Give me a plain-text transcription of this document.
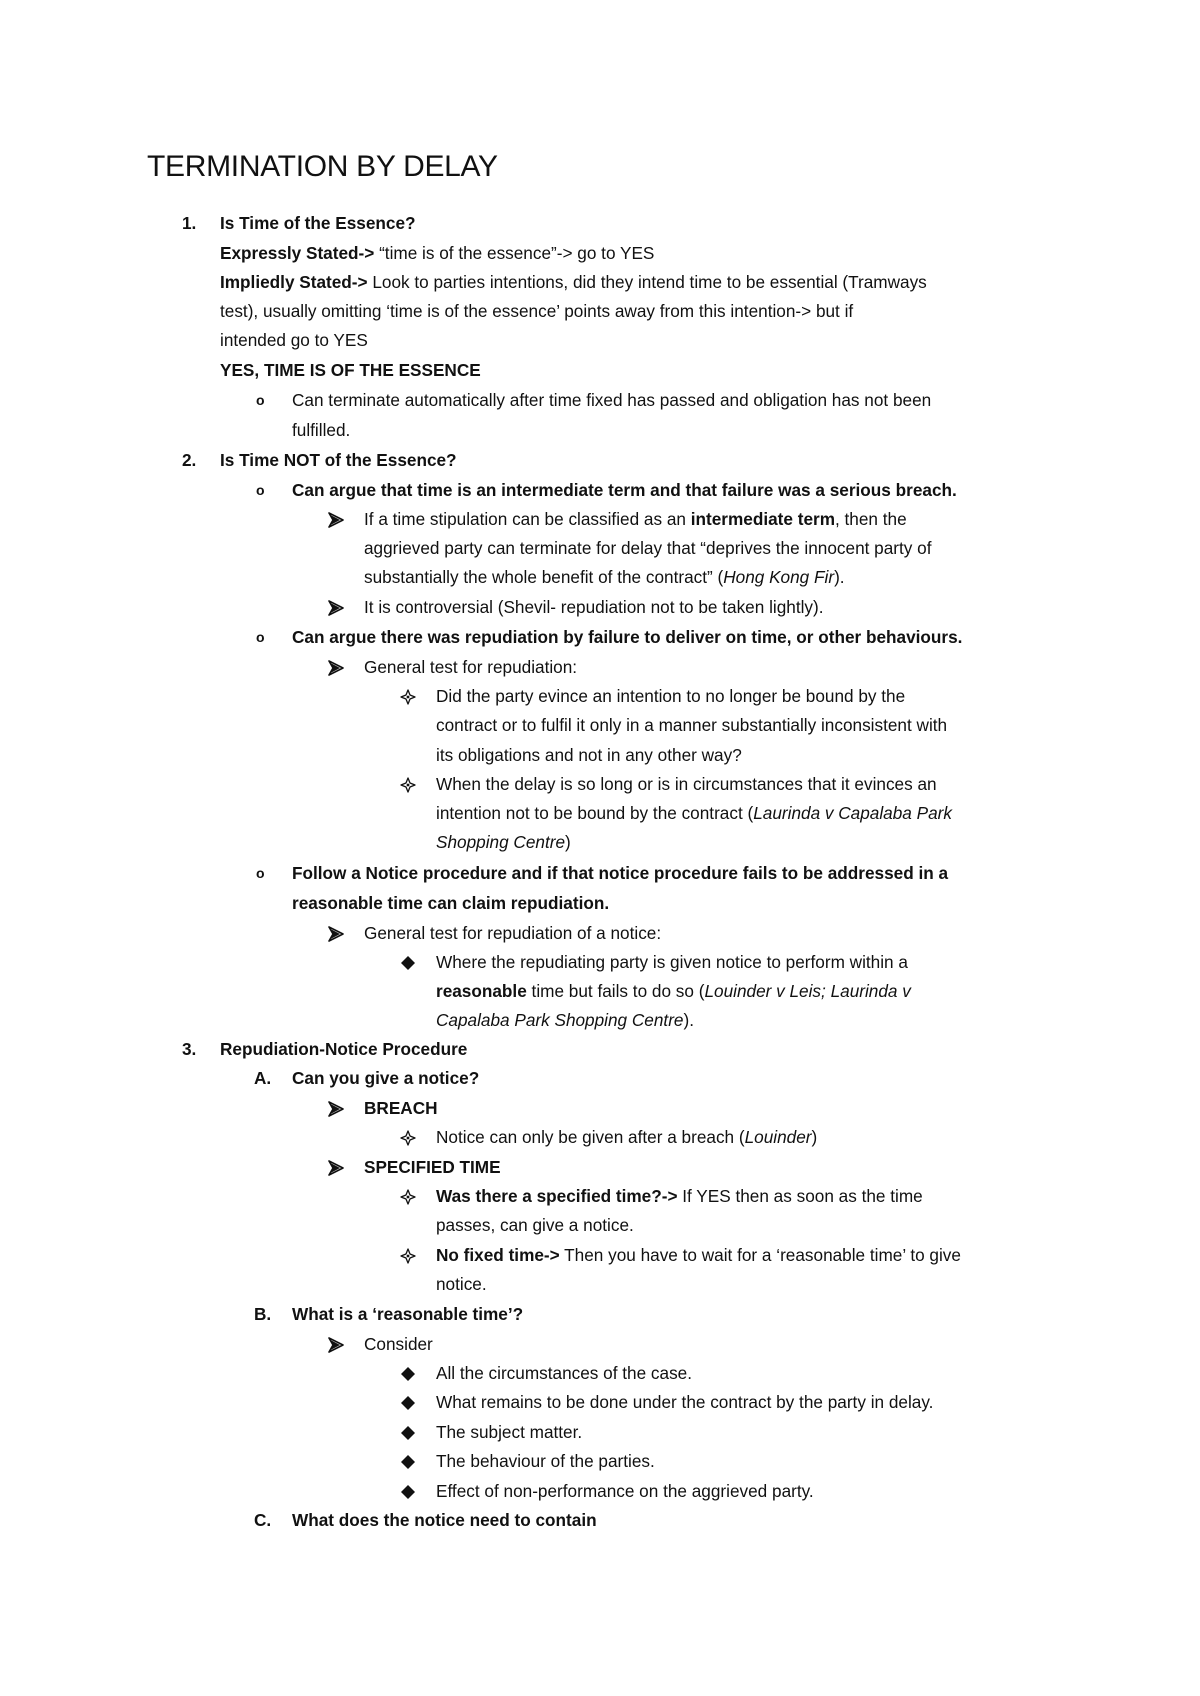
TERMINATION BY DELAY
1. Is Time of the Essence?
Expressly Stated-> “time is of the essence”-> go to YES
Impliedly Stated-> Look to parties intentions, did they intend time to be essential (Tramways
test), usually omitting ‘time is of the essence’ points away from this intention-> but if
intended go to YES
YES, TIME IS OF THE ESSENCE
o Can terminate automatically after time fixed has passed and obligation has not been
fulfilled.
2. Is Time NOT of the Essence?
o Can argue that time is an intermediate term and that failure was a serious breach.
If a time stipulation can be classified as an intermediate term, then the
aggrieved party can terminate for delay that “deprives the innocent party of
substantially the whole benefit of the contract” (Hong Kong Fir).
It is controversial (Shevil- repudiation not to be taken lightly).
o Can argue there was repudiation by failure to deliver on time, or other behaviours.
General test for repudiation:
Did the party evince an intention to no longer be bound by the
contract or to fulfil it only in a manner substantially inconsistent with
its obligations and not in any other way?
When the delay is so long or is in circumstances that it evinces an
intention not to be bound by the contract (Laurinda v Capalaba Park
Shopping Centre)
o Follow a Notice procedure and if that notice procedure fails to be addressed in a
reasonable time can claim repudiation.
General test for repudiation of a notice:
Where the repudiating party is given notice to perform within a
reasonable time but fails to do so (Louinder v Leis; Laurinda v
Capalaba Park Shopping Centre).
3. Repudiation-Notice Procedure
A. Can you give a notice?
BREACH
Notice can only be given after a breach (Louinder)
SPECIFIED TIME
Was there a specified time?-> If YES then as soon as the time
passes, can give a notice.
No fixed time-> Then you have to wait for a ‘reasonable time’ to give
notice.
B. What is a ‘reasonable time’?
Consider
All the circumstances of the case.
What remains to be done under the contract by the party in delay.
The subject matter.
The behaviour of the parties.
Effect of non-performance on the aggrieved party.
C. What does the notice need to contain
